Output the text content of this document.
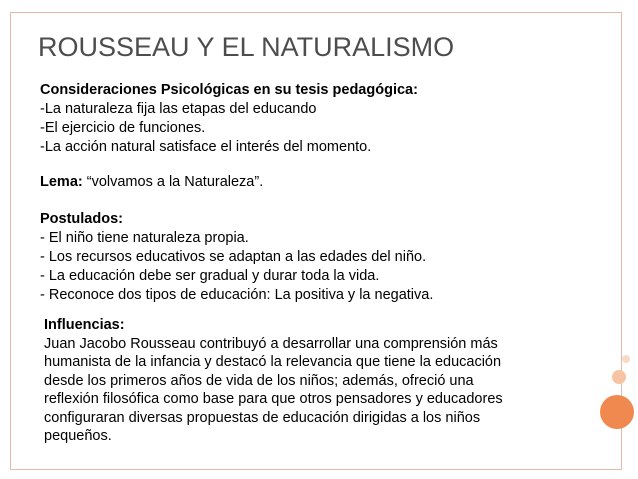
ROUSSEAU Y EL NATURALISMO

Consideraciones Psicológicas en su tesis pedagógica:

-La naturaleza fija las etapas del educando

-El ejercicio de funciones.

-La acción natural satisface el interés del momento.

Lema: “volvamos a la Naturaleza”.

Postulados:

- El niño tiene naturaleza propia.

- Los recursos educativos se adaptan a las edades del niño.

- La educación debe ser gradual y durar toda la vida.

- Reconoce dos tipos de educación: La positiva y la negativa.

Influencias:

Juan Jacobo Rousseau contribuyó a desarrollar una comprensión más

humanista de la infancia y destacó la relevancia que tiene la educación

desde los primeros años de vida de los niños; además, ofreció una

reflexión filosófica como base para que otros pensadores y educadores

configuraran diversas propuestas de educación dirigidas a los niños

pequeños.
